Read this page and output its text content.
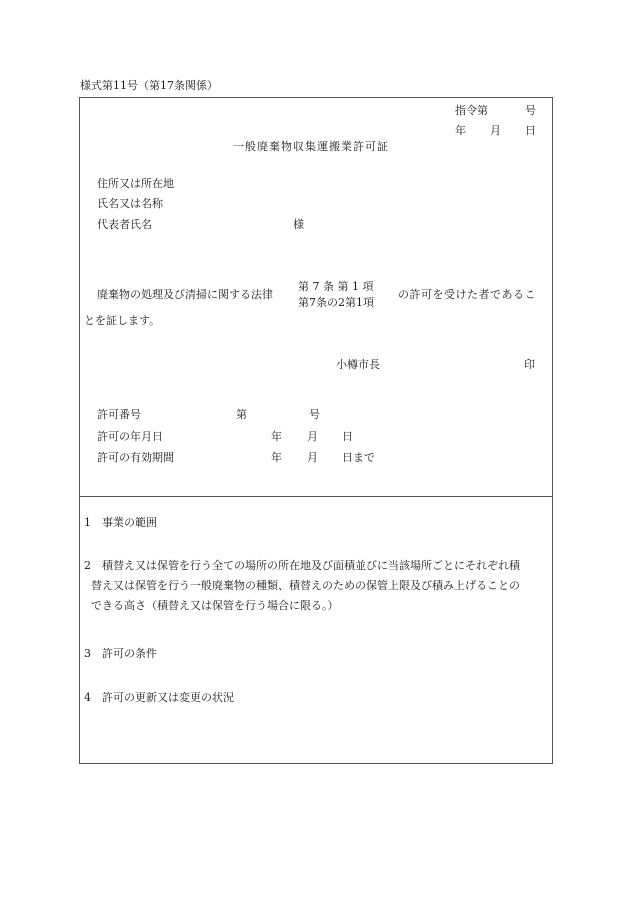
様式第11号（第17条関係）
指令第	号
年 月 日
一般廃棄物収集運搬業許可証
住所又は所在地
氏名又は名称
代表者氏名	様
廃棄物の処理及び清掃に関する法律
第 7 条 第 1 項
第7条の2第1項
の許可を受けた者であるこ
とを証します。
小樽市長	印
許可番号	第	号
許可の年月日	年 月 日
許可の有効期間	年 月 日まで
1　事業の範囲
2　積替え又は保管を行う全ての場所の所在地及び面積並びに当該場所ごとにそれぞれ積
替え又は保管を行う一般廃棄物の種類、積替えのための保管上限及び積み上げることの
できる高さ（積替え又は保管を行う場合に限る。）
3　許可の条件
4　許可の更新又は変更の状況
